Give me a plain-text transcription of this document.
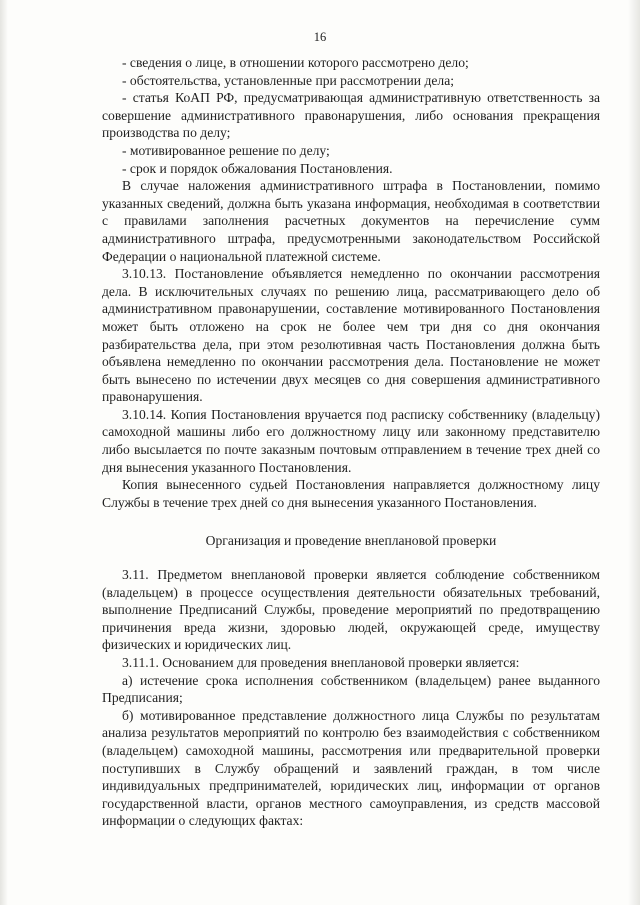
16

- сведения о лице, в отношении которого рассмотрено дело;

- обстоятельства, установленные при рассмотрении дела;

- статья КоАП РФ, предусматривающая административную ответственность за совершение административного правонарушения, либо основания прекращения производства по делу;

- мотивированное решение по делу;

- срок и порядок обжалования Постановления.

В случае наложения административного штрафа в Постановлении, помимо указанных сведений, должна быть указана информация, необходимая в соответствии с правилами заполнения расчетных документов на перечисление сумм административного штрафа, предусмотренными законодательством Российской Федерации о национальной платежной системе.

3.10.13. Постановление объявляется немедленно по окончании рассмотрения дела. В исключительных случаях по решению лица, рассматривающего дело об административном правонарушении, составление мотивированного Постановления может быть отложено на срок не более чем три дня со дня окончания разбирательства дела, при этом резолютивная часть Постановления должна быть объявлена немедленно по окончании рассмотрения дела. Постановление не может быть вынесено по истечении двух месяцев со дня совершения административного правонарушения.

3.10.14. Копия Постановления вручается под расписку собственнику (владельцу) самоходной машины либо его должностному лицу или законному представителю либо высылается по почте заказным почтовым отправлением в течение трех дней со дня вынесения указанного Постановления.

Копия вынесенного судьей Постановления направляется должностному лицу Службы в течение трех дней со дня вынесения указанного Постановления.

Организация и проведение внеплановой проверки

3.11. Предметом внеплановой проверки является соблюдение собственником (владельцем) в процессе осуществления деятельности обязательных требований, выполнение Предписаний Службы, проведение мероприятий по предотвращению причинения вреда жизни, здоровью людей, окружающей среде, имуществу физических и юридических лиц.

3.11.1. Основанием для проведения внеплановой проверки является:

а) истечение срока исполнения собственником (владельцем) ранее выданного Предписания;

б) мотивированное представление должностного лица Службы по результатам анализа результатов мероприятий по контролю без взаимодействия с собственником (владельцем) самоходной машины, рассмотрения или предварительной проверки поступивших в Службу обращений и заявлений граждан, в том числе индивидуальных предпринимателей, юридических лиц, информации от органов государственной власти, органов местного самоуправления, из средств массовой информации о следующих фактах:
